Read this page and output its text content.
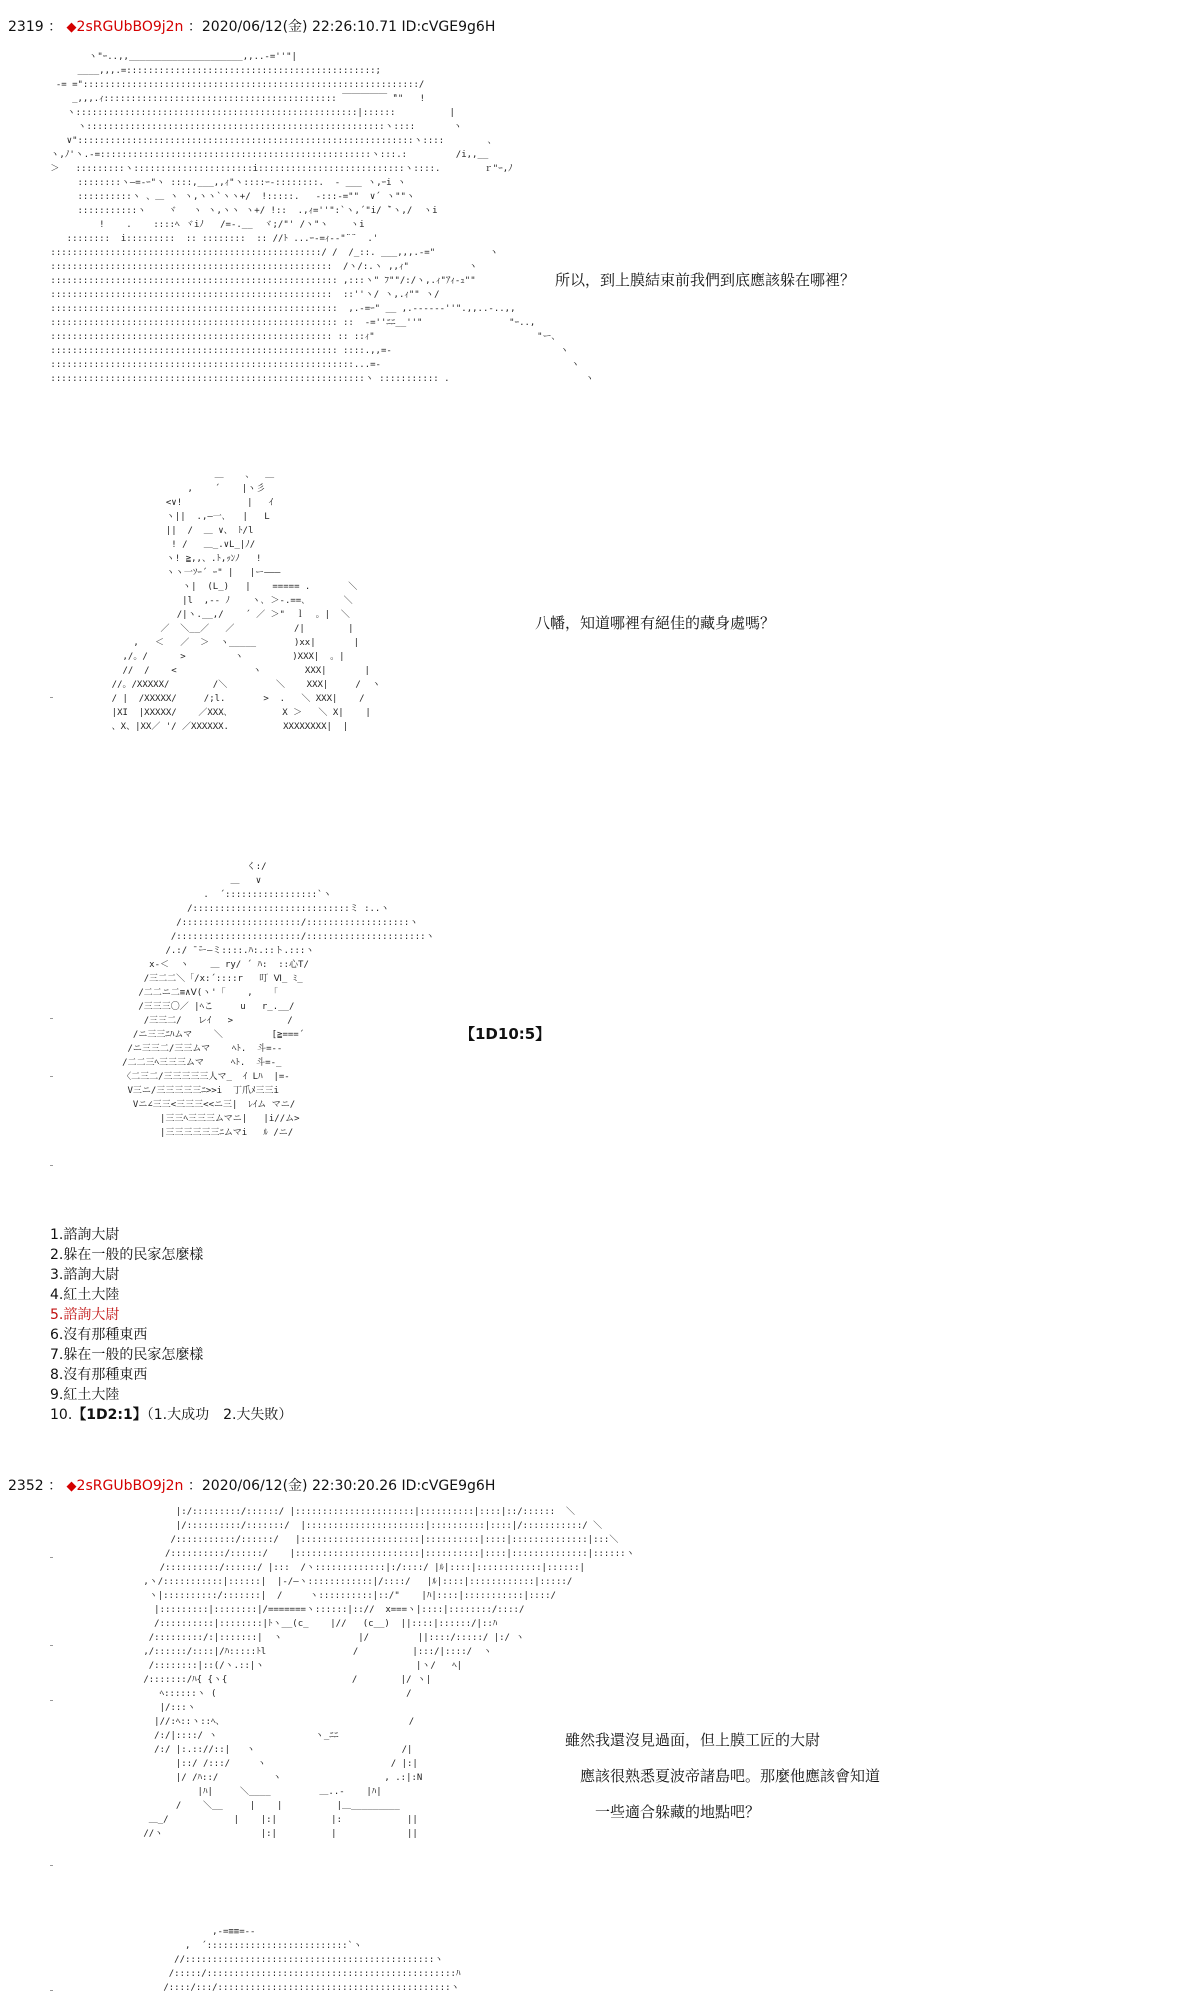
2319 ： ◆2sRGUbBO9j2n ：2020/06/12(金) 22:26:10.71 ID:cVGE9g6H
ヽ"ｰ..,,_____________________,,..-=''"|
____,,,.=::::::::::::::::::::::::::::::::::::::::::::::;
-= ="::::::::::::::::::::::::::::::::::::::::::::::::::::::::::::::/
_,,,.ｨ::::::::::::::::::::::::::::::::::::::::::: ￣￣￣￣￣ ̄""   !
ヽ::::::::::::::::::::::::::::::::::::::::::::::::::::|::::::          |
ヽ:::::::::::::::::::::::::::::::::::::::::::::::::::::::ヽ::::       ヽ
∨"::::::::::::::::::::::::::::::::::::::::::::::::::::::::::::::ヽ::::        、
ヽ,ﾉ'ヽ.-=::::::::::::::::::::::::::::::::::::::::::::::::::ヽ:::.:         /i,,__
＞   :::::::::ヽ::::::::::::::::::::::i:::::::::::::::::::::::::::ヽ::::.        ｒ"ｰ,ﾉ
::::::::ヽ―=-ｰ"ヽ ::::,___,,ｨ"ヽ::::ｰ-::::::::.  - ___ ヽ,ｰi ヽ
::::::::::ヽ 、＿ ヽ ヽ,ヽヽ`ヽヽ+/  !:::::.   -:::-=""  ∨´ ヽ""ヽ
:::::::::::ヽ    ヾ   ヽ ヽ,ヽヽ ヽ+/ !::  .,ｨ=''":`ヽ,´"i/ ̄`ヽ,/  ヽi
!    .    ::::ﾍ ヾiﾉ   /=-.__  ヾ;/"' /ヽ"ヽ    ヽi
::::::::  i:::::::::  :: ::::::::  :: //ﾄ ...ｰ-=ｨ--"¨¨  .'
::::::::::::::::::::::::::::::::::::::::::::::::::/ /  /_::. ___,,,.-="          ヽ
::::::::::::::::::::::::::::::::::::::::::::::::::::  /ヽ/:.ヽ ,,ｨ"           ヽ
::::::::::::::::::::::::::::::::::::::::::::::::::::: ,:::ヽ" ﾌ""/:/ヽ,.ｨ"ｱｨ-ｭ""
::::::::::::::::::::::::::::::::::::::::::::::::::::  ::''ヽ/ ヽ,.ｨ"" ヽ/
:::::::::::::::::::::::::::::::::::::::::::::::::::::  ,.-=ｰ" __ ,.------''".,,..-..,,
::::::::::::::::::::::::::::::::::::::::::::::::::::: ::  -=''ﾆﾆ__''"                "ｰ..,
:::::::::::::::::::::::::::::::::::::::::::::::::::: :: ::ｨ"                              "ー、
::::::::::::::::::::::::::::::::::::::::::::::::::::: ::::.,,=-                               ヽ
::::::::::::::::::::::::::::::::::::::::::::::::::::::::...=-                                   ヽ
::::::::::::::::::::::::::::::::::::::::::::::::::::::::::ヽ ::::::::::: .                         ヽ

所以，到上膜結束前我們到底應該躲在哪裡？
＿    、  ＿
,    ´    |ヽ彡
<∨!            |   ｲ
ヽ||  .,―一､   |   L
||  /  ＿ ∨、 ﾄ/l
! /   ＿_.∨L_|ﾉ/
ヽ! ≧,,、.ﾄ,ｯﾝﾉ   !
ヽヽ一ｿｰ´ ｰ" |   |ー―――
ヽ|  (L_)   |    ===== .       ＼
|l  ,-‐ ﾉ    ヽ､ ＞-.==､       ＼
/|ヽ.__,/    ´ ／ ＞"  ｌ  。|  ＼
／  ＼__／   ／           /|        |
,   ＜   ／  ＞  ヽ_____       )xx|       |
,/。/      >         ヽ         )XXX|  。|
//  /    <              ヽ        XXX|       |
//。/XXXXX/        /＼         ＼    XXX|     /  ヽ
/ |  /XXXXX/     /;l.       >  .   ＼ XXX|    /
|XI  |XXXXX/    ／XXX､          X ＞   ＼ X|    |
、X、|XX／ '/ ／XXXXXX.          XXXXXXXX|  |

八幡，知道哪裡有絕佳的藏身處嗎？
く:/
＿   ∨
.  ´:::::::::::::::::`ヽ
/:::::::::::::::::::::::::::::ミ :..ヽ
/::::::::::::::::::::::/:::::::::::::::::::ヽ
/:::::::::::::::::::::::/::::::::::::::::::::::ヽ
/.:/ ̄ ̄ー―ミ::::.ﾊ:.::ト.:::ヽ
x-＜  ヽ    ＿ ry/ ´ ﾊ:  ::心T/
/三二二＼「/x:´::::r   叮 Ⅵ_ ﾐ_
/二二ニ二≡∧Ⅴ(ヽ'「    ,   「
/三三三〇／ |ﾍこ     u   r_.__/
/三三二/   レｲ   >          /
/ニ三三ﾆﾊムマ    ＼         [≧===´
/ニ三三二/三三ムマ    ﾍﾄ.  斗=-‐
/二二三ﾍ三三三ムマ     ﾍﾄ.  斗=-_
〈二三二/三三三三三人マ_  ｲ Lﾊ  |=-
V三ニ/三三三三三ﾆ>>i  丁爪ﾒ三三i
Vニ∠三三<三三三<<ニ三|  ﾚｲム マニ/
|三三ﾍ三三三ムマニ|   |i//ム>
|三三三三三三ﾆムマi   ﾙ /ニ/

【1D10:5】
1.諮詢大尉
2.躲在一般的民家怎麼樣
3.諮詢大尉
4.紅土大陸
5.諮詢大尉
6.沒有那種東西
7.躲在一般的民家怎麼樣
8.沒有那種東西
9.紅土大陸
10.【1D2:1】（1.大成功　2.大失敗）
2352 ： ◆2sRGUbBO9j2n ：2020/06/12(金) 22:30:20.26 ID:cVGE9g6H
|:/:::::::::/::::::/ |::::::::::::::::::::::|::::::::::|::::|::/::::::  ＼
|/::::::::::/:::::::/  |::::::::::::::::::::::|::::::::::|::::|/:::::::::::/ ＼
/:::::::::::/::::::/   |::::::::::::::::::::::|::::::::::|::::|::::::::::::::|:::＼
/::::::::::/::::::/    |:::::::::::::::::::::::|::::::::::|::::|::::::::::::::|::::::ヽ
/::::::::::/::::::/ |:::  /ヽ:::::::::::::|:/::::/ |ﾙ|::::|::::::::::::|::::::|
,ヽ/:::::::::::|::::::|  |-/―ヽ::::::::::::|/::::/   |ﾙ|::::|::::::::::::|:::::/
ヽ|::::::::::/:::::::|  /     ヽ::::::::::|::/"    |ﾊ|::::|:::::::::::|::::/
|:::::::::|::::::::|/=======ヽ::::::|:://  x===ヽ|::::|::::::::/::::/
/::::::::::|::::::::|ﾄヽ__(c_    |//   (c__)  ||::::|::::::/|::ﾊ
/:::::::::/:|:::::::|  ヽ              |/         ||::::/:::::/ |:/ ヽ
,/::::::/::::|/ﾊ:::::ﾄl                /          |:::/|::::/  ヽ
/::::::::|::(/ヽ.::|ヽ                            |ヽ/   ﾍ|
/:::::::/ﾊ{ {ヽ{                       /        |/ ヽ|
ﾍ::::::ヽ (                                   /
|/:::ヽ
|//:ﾍ::ヽ::ﾍ、                                  /
/:/|::::/ ヽ                  ヽ_ﾆﾆ
/:/ |:.:://::|   ヽ                           /|
|::/ /:::/     ヽ                       / |:|
|/ /ﾊ::/          ヽ                   , .:|:N
|ﾊ|     ＼____         ＿..-    |ﾊ|
/    ＼__     |    |          |＿_________
＿_/            |    |:|          |:            ||
//ヽ                  |:|          |             ||

雖然我還沒見過面，但上膜工匠的大尉
　應該很熟悉夏波帝諸島吧。那麼他應該會知道
　　一些適合躲藏的地點吧？
,-=≡≡=--
,  ´::::::::::::::::::::::::::`ヽ
//::::::::::::::::::::::::::::::::::::::::::::::ヽ
/:::::/::::::::::::::::::::::::::::::::::::::::::::::ﾊ
/::::/:::/:::::::::::::::::::::::::::::::::::::::::::ヽ
